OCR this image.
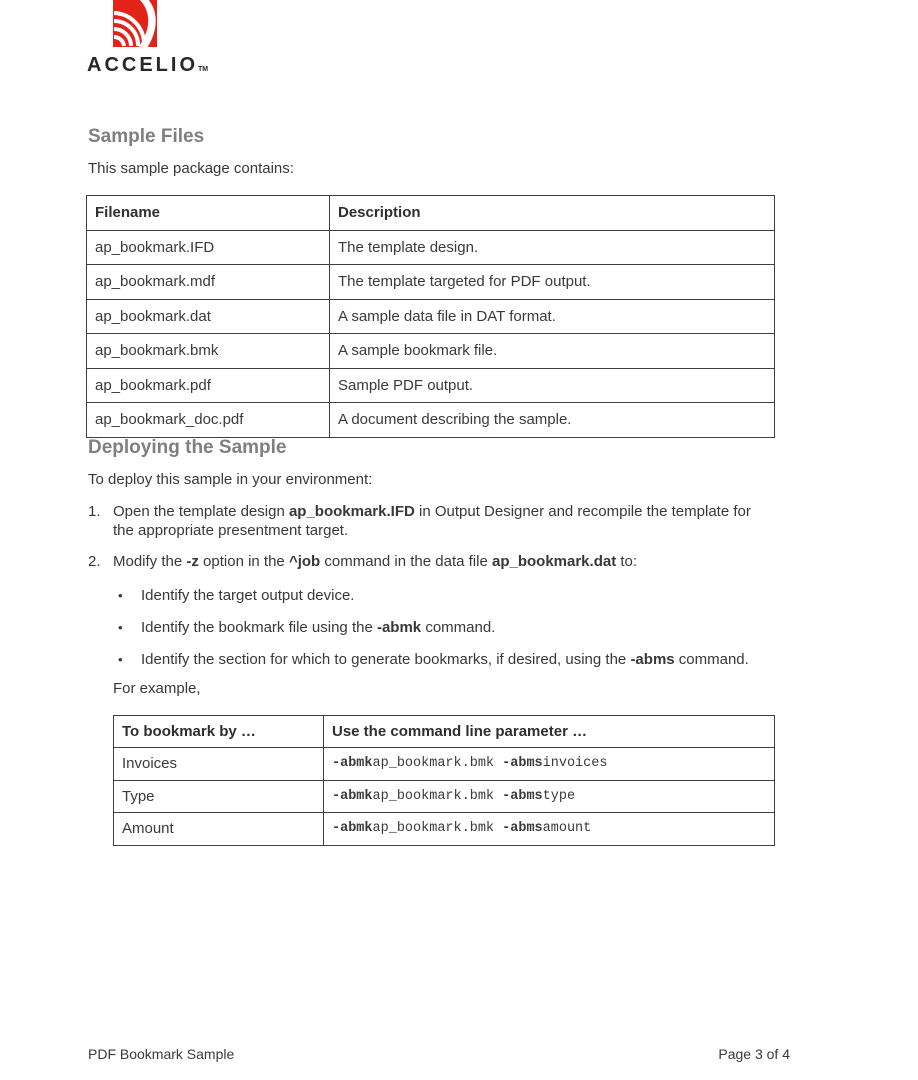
ACCELIOTM
Sample Files

This sample package contains:

Filename	Description
ap_bookmark.IFD	The template design.
ap_bookmark.mdf	The template targeted for PDF output.
ap_bookmark.dat	A sample data file in DAT format.
ap_bookmark.bmk	A sample bookmark file.
ap_bookmark.pdf	Sample PDF output.
ap_bookmark_doc.pdf	A document describing the sample.
Deploying the Sample

To deploy this sample in your environment:

1. Open the template design ap_bookmark.IFD in Output Designer and recompile the template for the appropriate presentment target.
2. Modify the -z option in the ^job command in the data file ap_bookmark.dat to:
•	Identify the target output device.
•	Identify the bookmark file using the -abmk command.
•	Identify the section for which to generate bookmarks, if desired, using the -abms command.

For example,

To bookmark by …	Use the command line parameter …
Invoices	-abmkap_bookmark.bmk -abmsinvoices
Type	-abmkap_bookmark.bmk -abmstype
Amount	-abmkap_bookmark.bmk -abmsamount
PDF Bookmark Sample	Page 3 of 4
